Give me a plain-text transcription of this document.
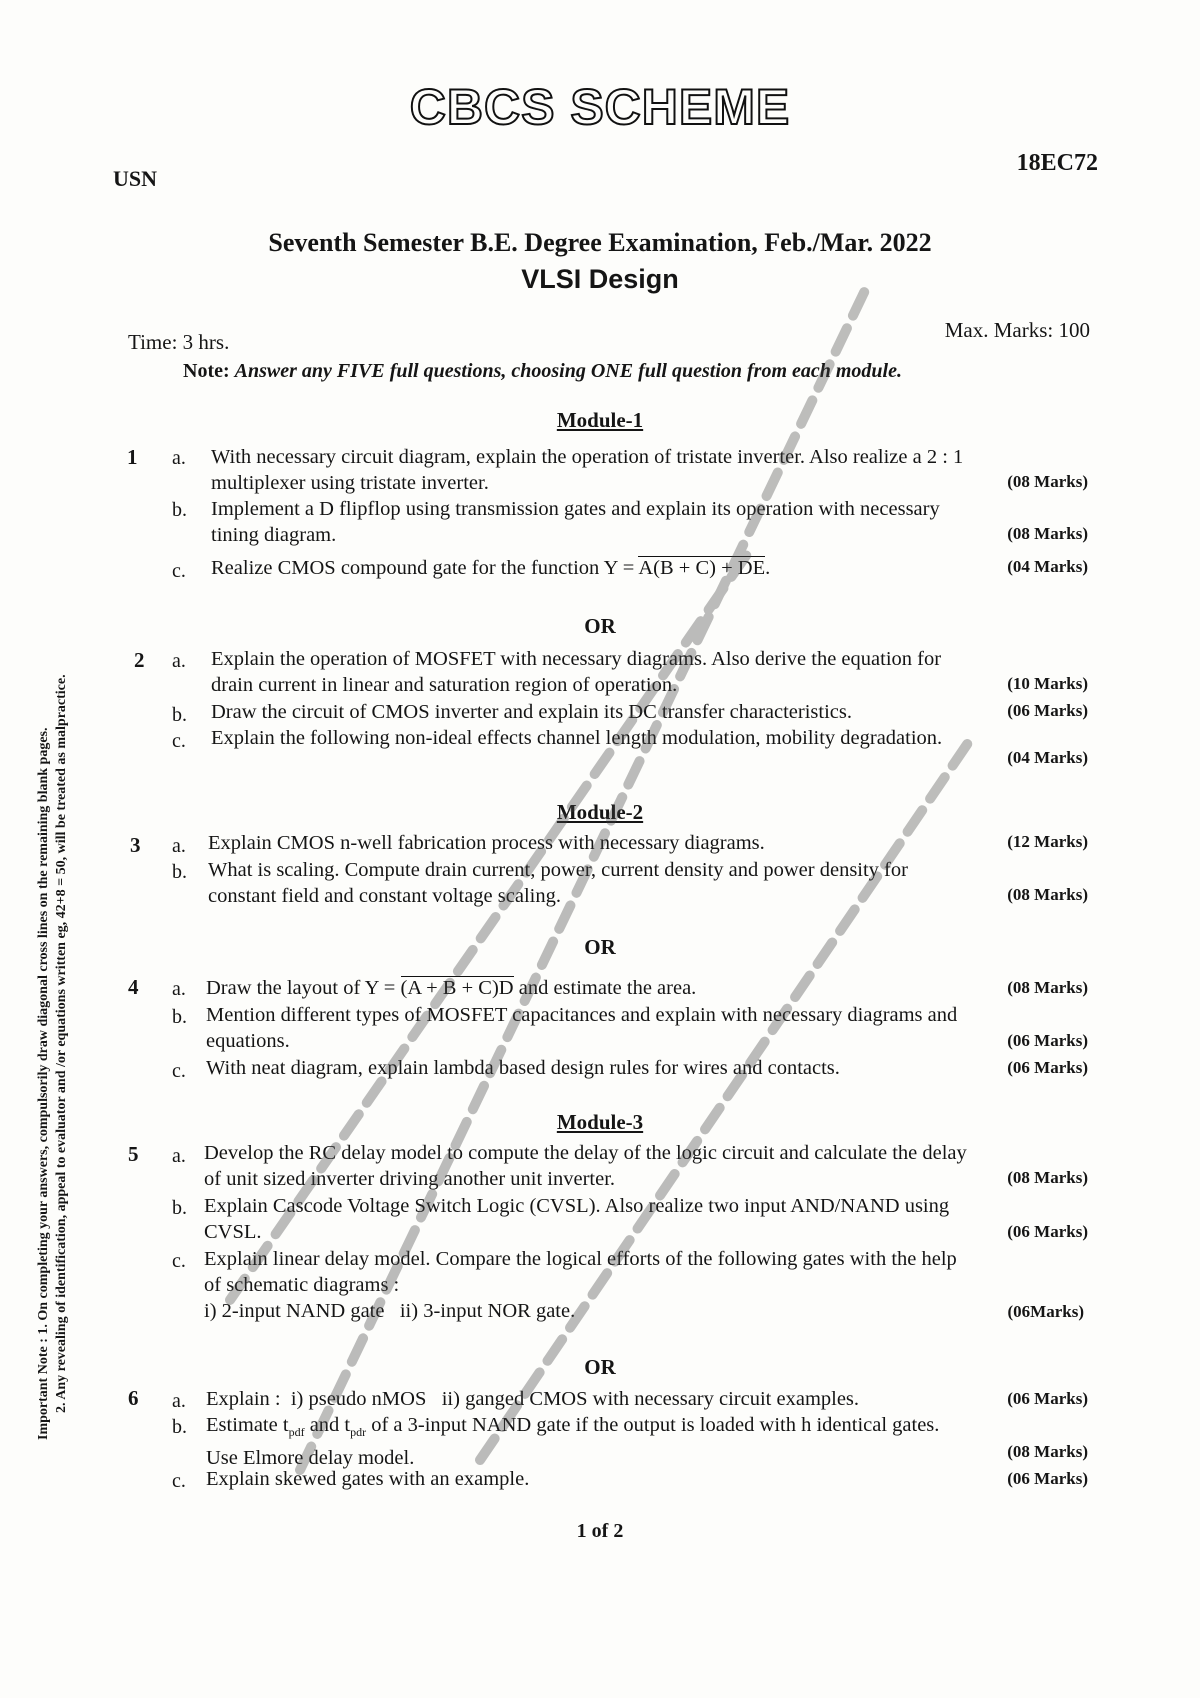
CBCS SCHEME
USN
18EC72
Seventh Semester B.E. Degree Examination, Feb./Mar. 2022
VLSI Design
Time: 3 hrs.	Max. Marks: 100
Note: Answer any FIVE full questions, choosing ONE full question from each module.
Module-1
1 a. With necessary circuit diagram, explain the operation of tristate inverter. Also realize a 2 : 1
multiplexer using tristate inverter.	(08 Marks)
b. Implement a D flipflop using transmission gates and explain its operation with necessary
tining diagram.	(08 Marks)
c. Realize CMOS compound gate for the function Y = A(B + C) + DE.	(04 Marks)
OR
2 a. Explain the operation of MOSFET with necessary diagrams. Also derive the equation for
drain current in linear and saturation region of operation.	(10 Marks)
b. Draw the circuit of CMOS inverter and explain its DC transfer characteristics.	(06 Marks)
c. Explain the following non-ideal effects channel length modulation, mobility degradation.
(04 Marks)
Module-2
3 a. Explain CMOS n-well fabrication process with necessary diagrams.	(12 Marks)
b. What is scaling. Compute drain current, power, current density and power density for
constant field and constant voltage scaling.	(08 Marks)
OR
4 a. Draw the layout of Y = (A + B + C)D and estimate the area.	(08 Marks)
b. Mention different types of MOSFET capacitances and explain with necessary diagrams and
equations.	(06 Marks)
c. With neat diagram, explain lambda based design rules for wires and contacts.	(06 Marks)
Module-3
5 a. Develop the RC delay model to compute the delay of the logic circuit and calculate the delay
of unit sized inverter driving another unit inverter.	(08 Marks)
b. Explain Cascode Voltage Switch Logic (CVSL). Also realize two input AND/NAND using
CVSL.	(06 Marks)
c. Explain linear delay model. Compare the logical efforts of the following gates with the help
of schematic diagrams :
i) 2-input NAND gate   ii) 3-input NOR gate.	(06Marks)
OR
6 a. Explain :  i) pseudo nMOS   ii) ganged CMOS with necessary circuit examples.	(06 Marks)
b. Estimate $t_{pdf}$ and $t_{pdr}$ of a 3-input NAND gate if the output is loaded with h identical gates.
Use Elmore delay model.	(08 Marks)
c. Explain skewed gates with an example.	(06 Marks)
1 of 2
Important Note : 1. On completing your answers, compulsorily draw diagonal cross lines on the remaining blank pages. 2. Any revealing of identification, appeal to evaluator and /or equations written eg, 42+8 = 50, will be treated as malpractice.
